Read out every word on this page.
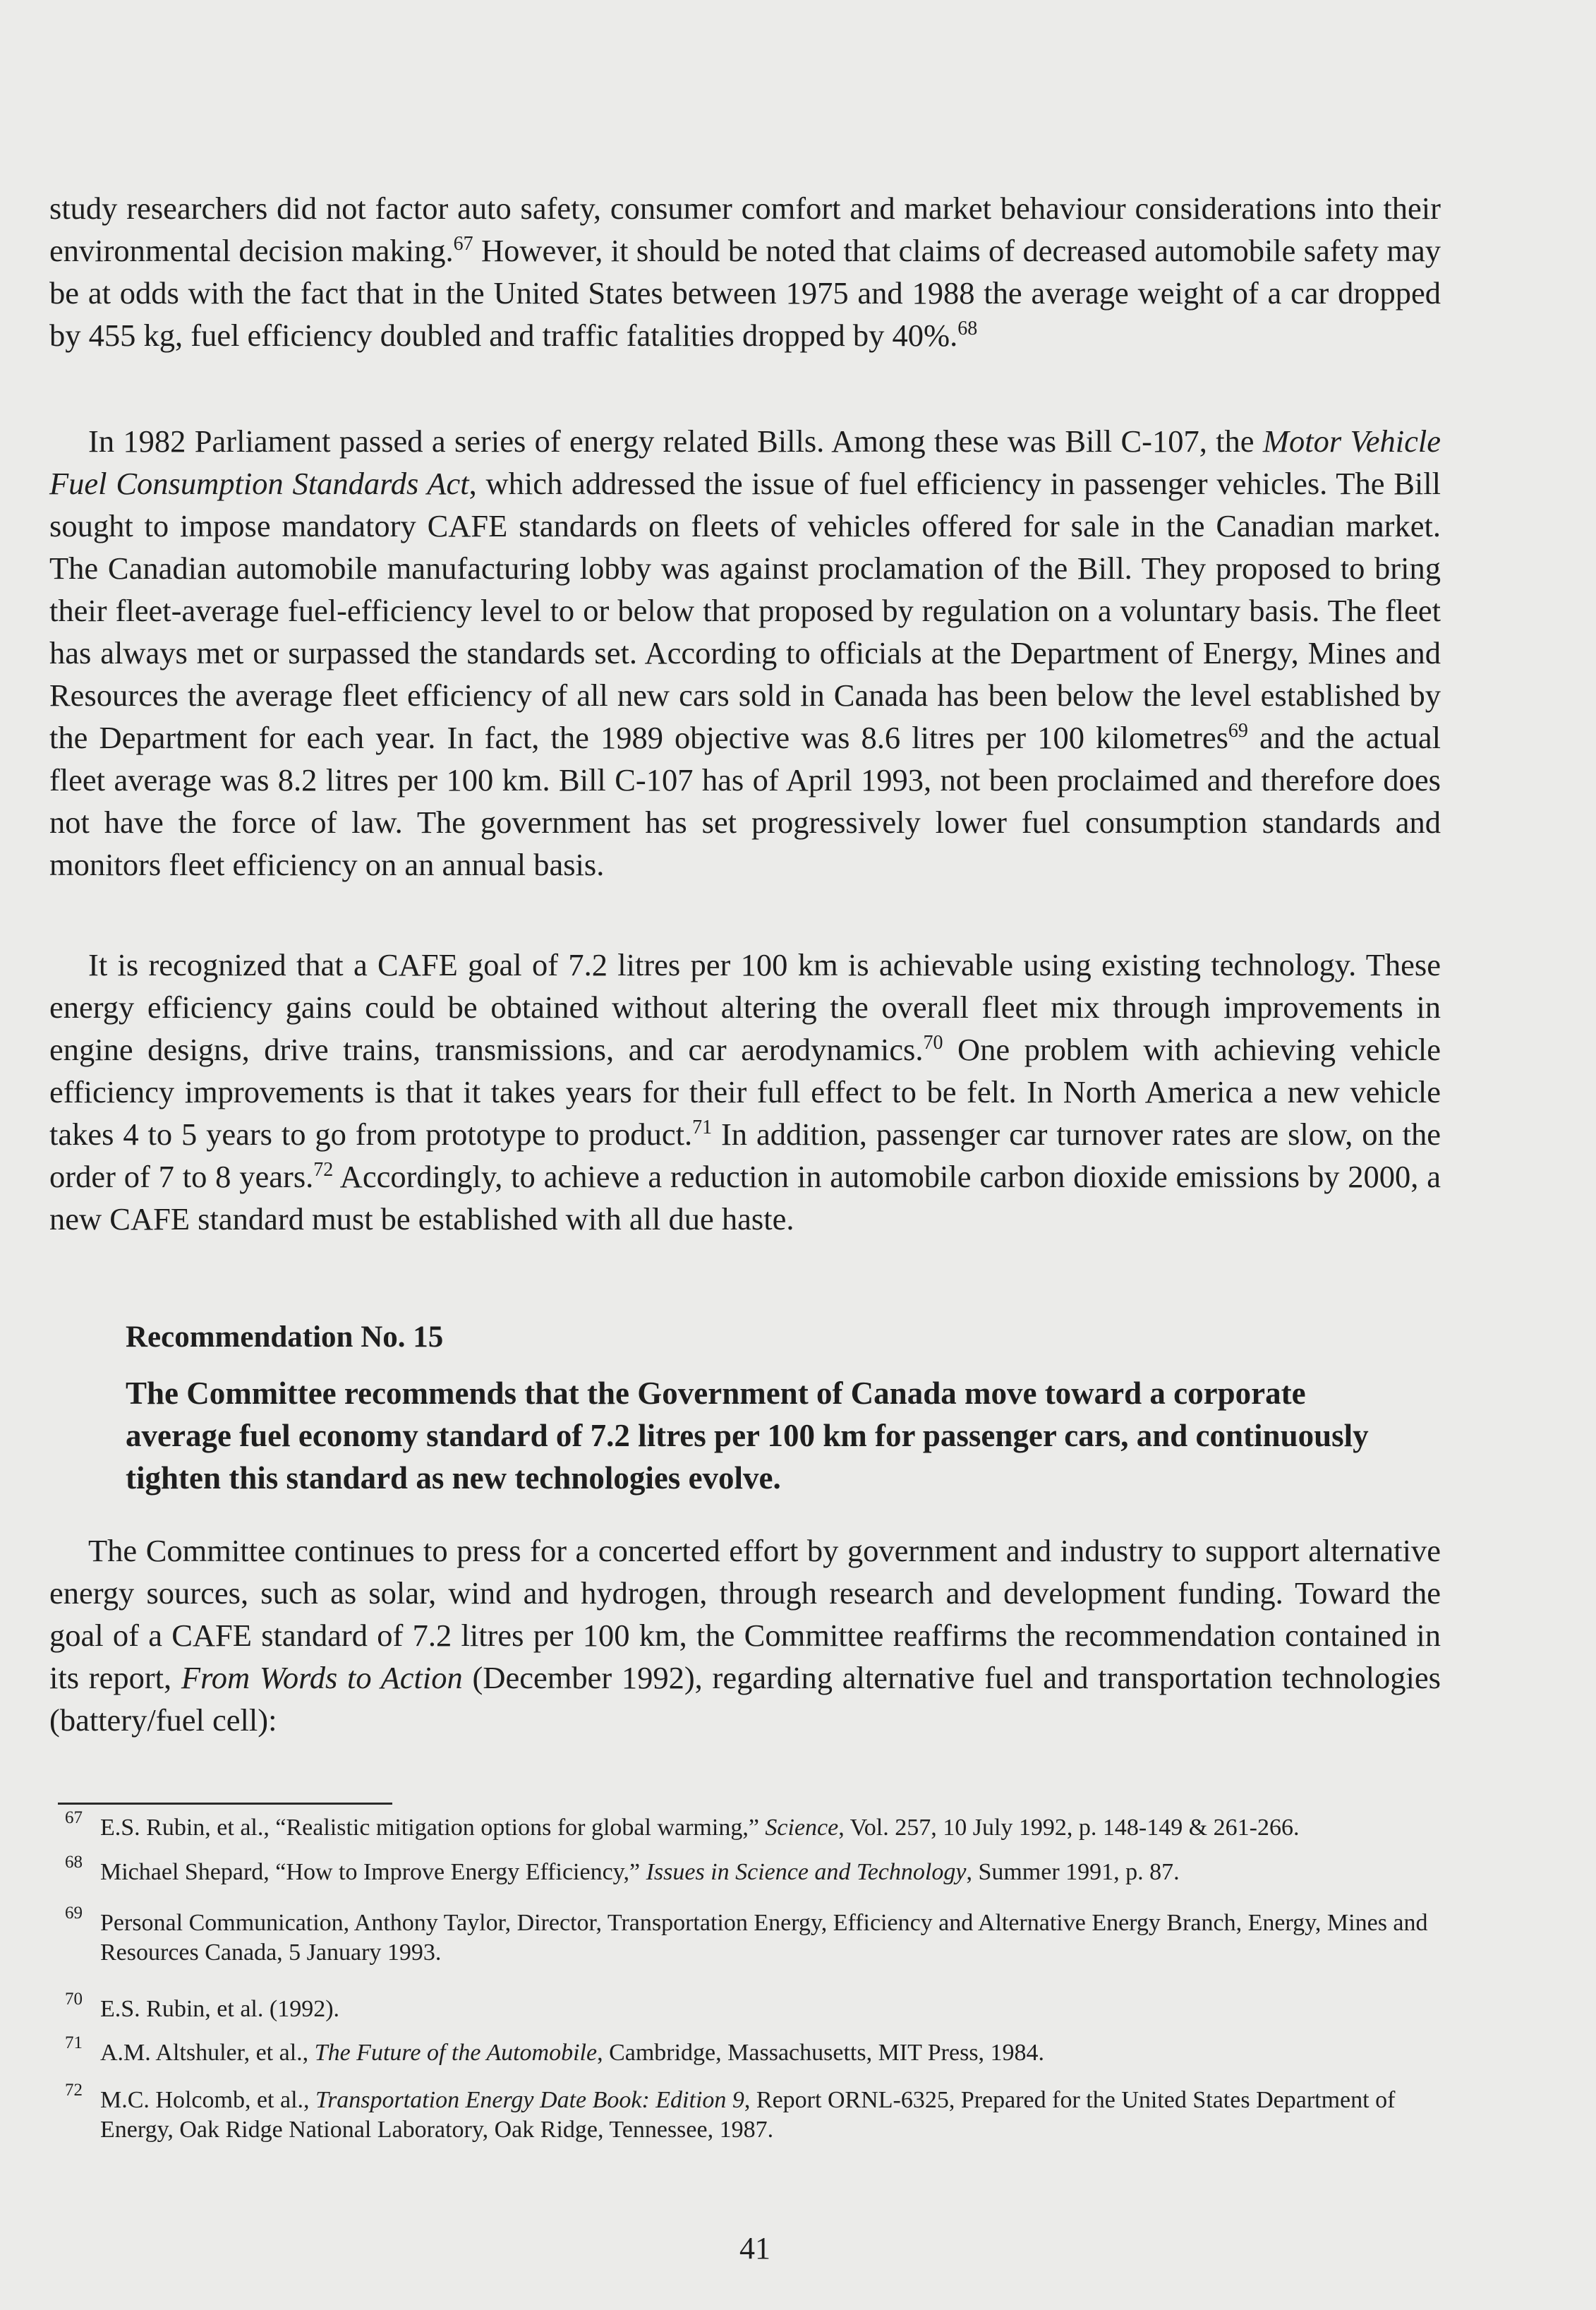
study researchers did not factor auto safety, consumer comfort and market behaviour considerations into their environmental decision making.$^{67}$ However, it should be noted that claims of decreased automobile safety may be at odds with the fact that in the United States between 1975 and 1988 the average weight of a car dropped by 455 kg, fuel efficiency doubled and traffic fatalities dropped by 40%.$^{68}$

In 1982 Parliament passed a series of energy related Bills. Among these was Bill C-107, the Motor Vehicle Fuel Consumption Standards Act, which addressed the issue of fuel efficiency in passenger vehicles. The Bill sought to impose mandatory CAFE standards on fleets of vehicles offered for sale in the Canadian market. The Canadian automobile manufacturing lobby was against proclamation of the Bill. They proposed to bring their fleet-average fuel-efficiency level to or below that proposed by regulation on a voluntary basis. The fleet has always met or surpassed the standards set. According to officials at the Department of Energy, Mines and Resources the average fleet efficiency of all new cars sold in Canada has been below the level established by the Department for each year. In fact, the 1989 objective was 8.6 litres per 100 kilometres$^{69}$ and the actual fleet average was 8.2 litres per 100 km. Bill C-107 has of April 1993, not been proclaimed and therefore does not have the force of law. The government has set progressively lower fuel consumption standards and monitors fleet efficiency on an annual basis.

It is recognized that a CAFE goal of 7.2 litres per 100 km is achievable using existing technology. These energy efficiency gains could be obtained without altering the overall fleet mix through improvements in engine designs, drive trains, transmissions, and car aerodynamics.$^{70}$ One problem with achieving vehicle efficiency improvements is that it takes years for their full effect to be felt. In North America a new vehicle takes 4 to 5 years to go from prototype to product.$^{71}$ In addition, passenger car turnover rates are slow, on the order of 7 to 8 years.$^{72}$ Accordingly, to achieve a reduction in automobile carbon dioxide emissions by 2000, a new CAFE standard must be established with all due haste.

Recommendation No. 15

The Committee recommends that the Government of Canada move toward a corporate average fuel economy standard of 7.2 litres per 100 km for passenger cars, and continuously tighten this standard as new technologies evolve.

The Committee continues to press for a concerted effort by government and industry to support alternative energy sources, such as solar, wind and hydrogen, through research and development funding. Toward the goal of a CAFE standard of 7.2 litres per 100 km, the Committee reaffirms the recommendation contained in its report, From Words to Action (December 1992), regarding alternative fuel and transportation technologies (battery/fuel cell):

67 E.S. Rubin, et al., “Realistic mitigation options for global warming,” Science, Vol. 257, 10 July 1992, p. 148-149 & 261-266.

68 Michael Shepard, “How to Improve Energy Efficiency,” Issues in Science and Technology, Summer 1991, p. 87.

69 Personal Communication, Anthony Taylor, Director, Transportation Energy, Efficiency and Alternative Energy Branch, Energy, Mines and Resources Canada, 5 January 1993.

70 E.S. Rubin, et al. (1992).

71 A.M. Altshuler, et al., The Future of the Automobile, Cambridge, Massachusetts, MIT Press, 1984.

72 M.C. Holcomb, et al., Transportation Energy Date Book: Edition 9, Report ORNL-6325, Prepared for the United States Department of Energy, Oak Ridge National Laboratory, Oak Ridge, Tennessee, 1987.

41
